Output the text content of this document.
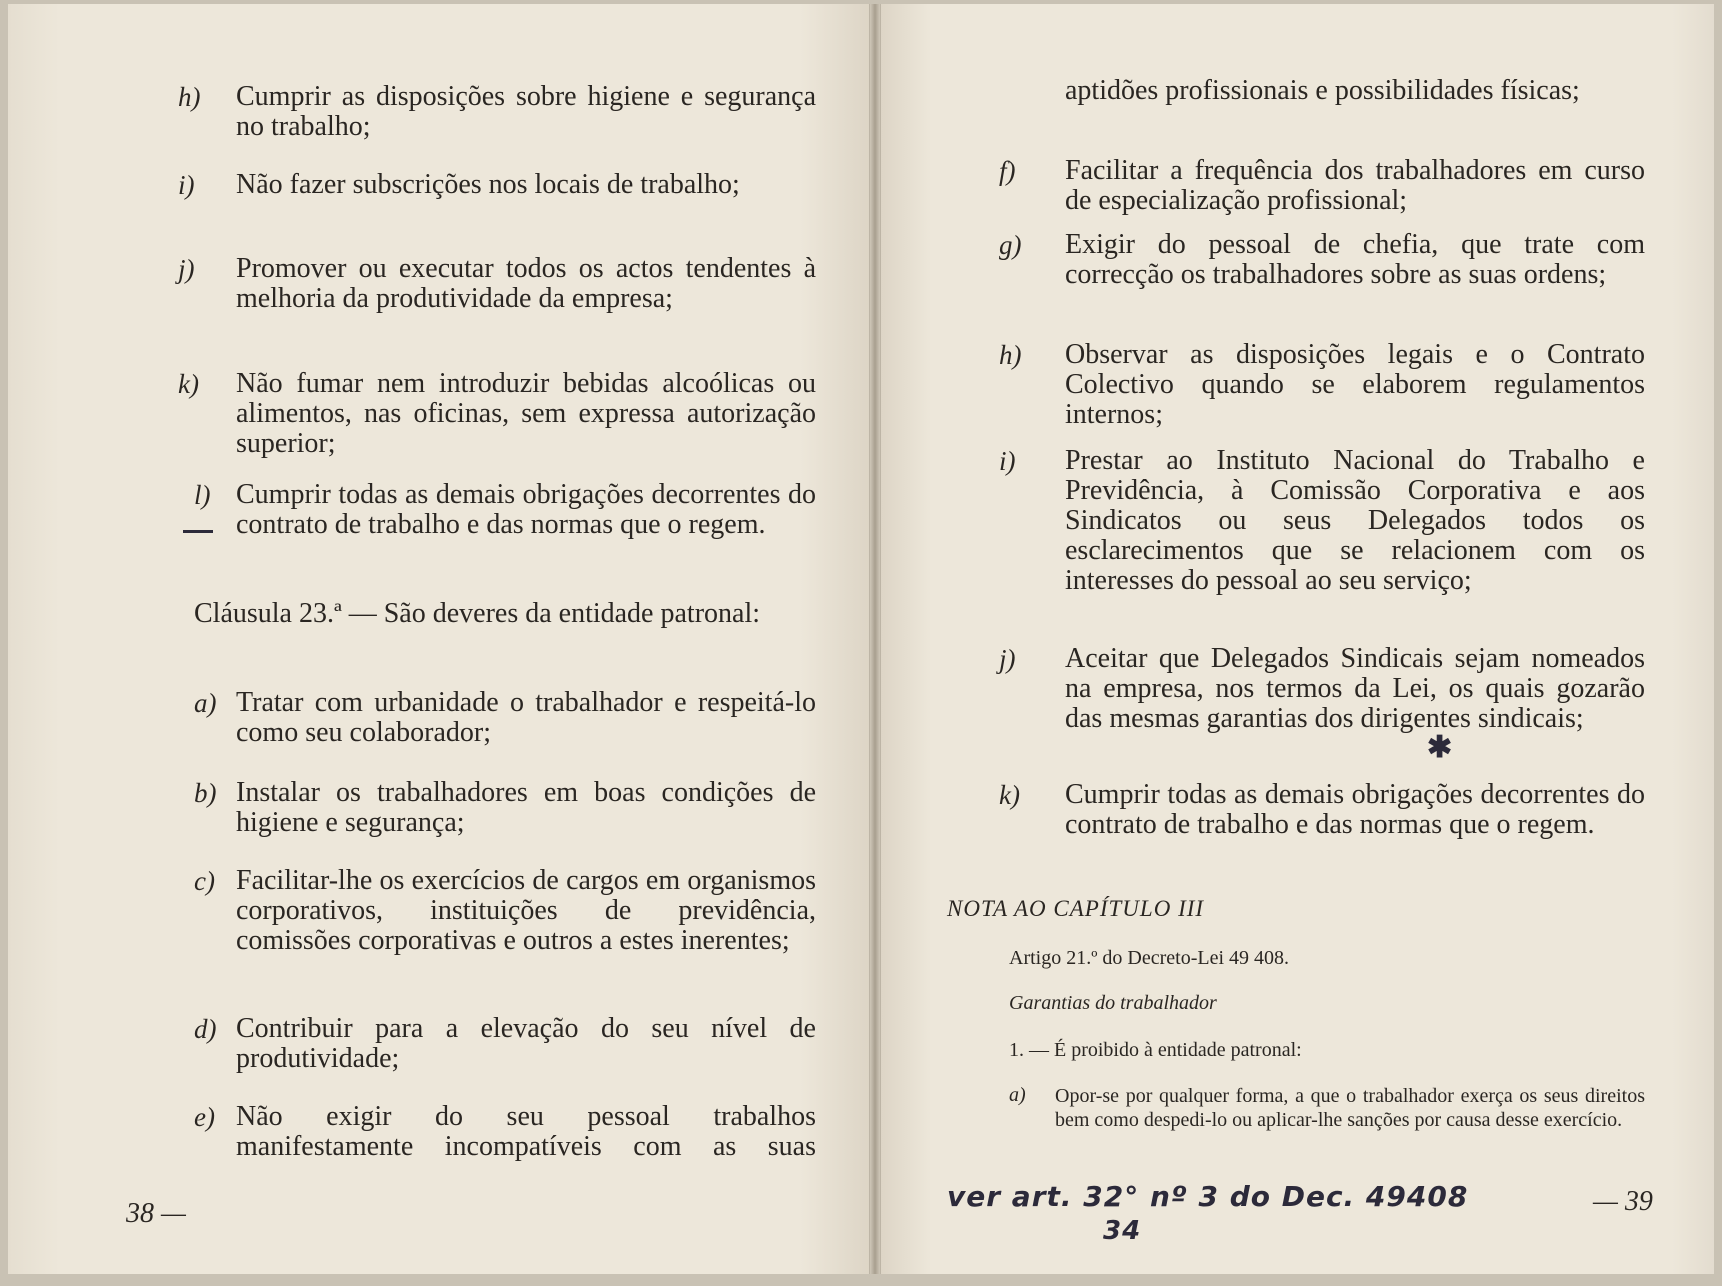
h) Cumprir as disposições sobre higiene e segurança no trabalho;
i) Não fazer subscrições nos locais de trabalho;
j) Promover ou executar todos os actos tendentes à melhoria da produtividade da empresa;
k) Não fumar nem introduzir bebidas alcoólicas ou alimentos, nas oficinas, sem expressa autorização superior;
l) Cumprir todas as demais obrigações decorrentes do contrato de trabalho e das normas que o regem.
Cláusula 23.ª — São deveres da entidade patronal:
a) Tratar com urbanidade o trabalhador e respeitá-lo como seu colaborador;
b) Instalar os trabalhadores em boas condições de higiene e segurança;
c) Facilitar-lhe os exercícios de cargos em organismos corporativos, instituições de previdência, comissões corporativas e outros a estes inerentes;
d) Contribuir para a elevação do seu nível de produtividade;
e) Não exigir do seu pessoal trabalhos manifestamente incompatíveis com as suas
38 —
aptidões profissionais e possibilidades físicas;
f) Facilitar a frequência dos trabalhadores em curso de especialização profissional;
g) Exigir do pessoal de chefia, que trate com correcção os trabalhadores sobre as suas ordens;
h) Observar as disposições legais e o Contrato Colectivo quando se elaborem regulamentos internos;
i) Prestar ao Instituto Nacional do Trabalho e Previdência, à Comissão Corporativa e aos Sindicatos ou seus Delegados todos os esclarecimentos que se relacionem com os interesses do pessoal ao seu serviço;
j) Aceitar que Delegados Sindicais sejam nomeados na empresa, nos termos da Lei, os quais gozarão das mesmas garantias dos dirigentes sindicais;
✱
k) Cumprir todas as demais obrigações decorrentes do contrato de trabalho e das normas que o regem.
NOTA AO CAPÍTULO III
Artigo 21.º do Decreto-Lei 49 408.
Garantias do trabalhador
1. — É proibido à entidade patronal:
a) Opor-se por qualquer forma, a que o trabalhador exerça os seus direitos bem como despedi-lo ou aplicar-lhe sanções por causa desse exercício.
ver art. 32° nº 3 do Dec. 49408
34
— 39
